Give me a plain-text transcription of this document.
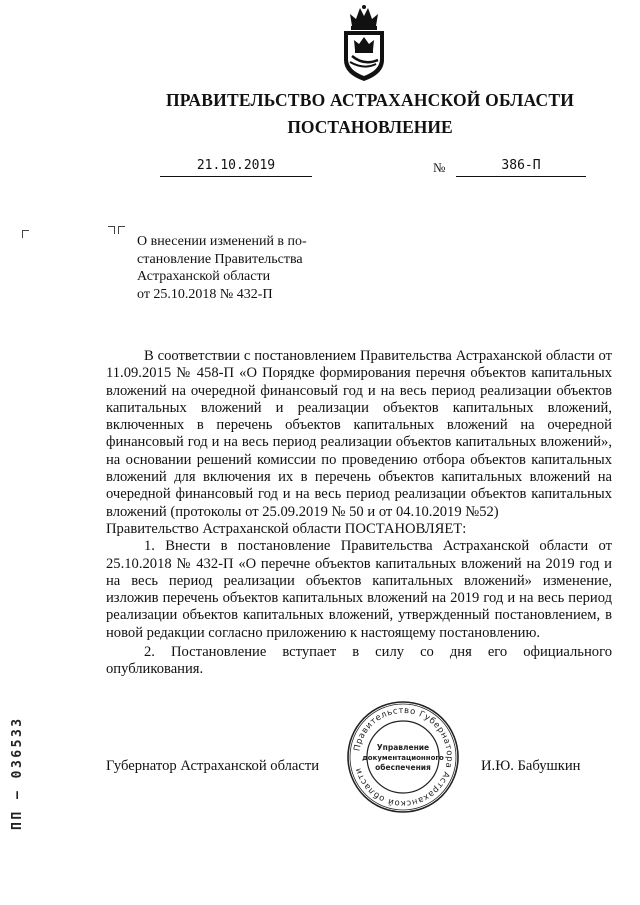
ПРАВИТЕЛЬСТВО АСТРАХАНСКОЙ ОБЛАСТИ
ПОСТАНОВЛЕНИЕ
21.10.2019	№	386-П
О внесении изменений в по-
становление Правительства
Астраханской области
от 25.10.2018 № 432-П

В соответствии с постановлением Правительства Астраханской области от 11.09.2015 № 458-П «О Порядке формирования перечня объектов капитальных вложений на очередной финансовый год и на весь период реализации объектов капитальных вложений и реализации объектов капитальных вложений, включенных в перечень объектов капитальных вложений на очередной финансовый год и на весь период реализации объектов капитальных вложений», на основании решений комиссии по проведению отбора объектов капитальных вложений для включения их в перечень объектов капитальных вложений на очередной финансовый год и на весь период реализации объектов капитальных вложений (протоколы от 25.09.2019 № 50 и от 04.10.2019 №52)

Правительство Астраханской области ПОСТАНОВЛЯЕТ:

1. Внести в постановление Правительства Астраханской области от 25.10.2018 № 432-П «О перечне объектов капитальных вложений на 2019 год и на весь период реализации объектов капитальных вложений» изменение, изложив перечень объектов капитальных вложений на 2019 год и на весь период реализации объектов капитальных вложений, утвержденный постановлением, в новой редакции согласно приложению к настоящему постановлению.

2. Постановление вступает в силу со дня его официального опубликования.

Губернатор Астраханской области	И.Ю. Бабушкин
Правительство Губернатора Астраханской области
Управление
документационного
обеспечения
ПП – 036533
